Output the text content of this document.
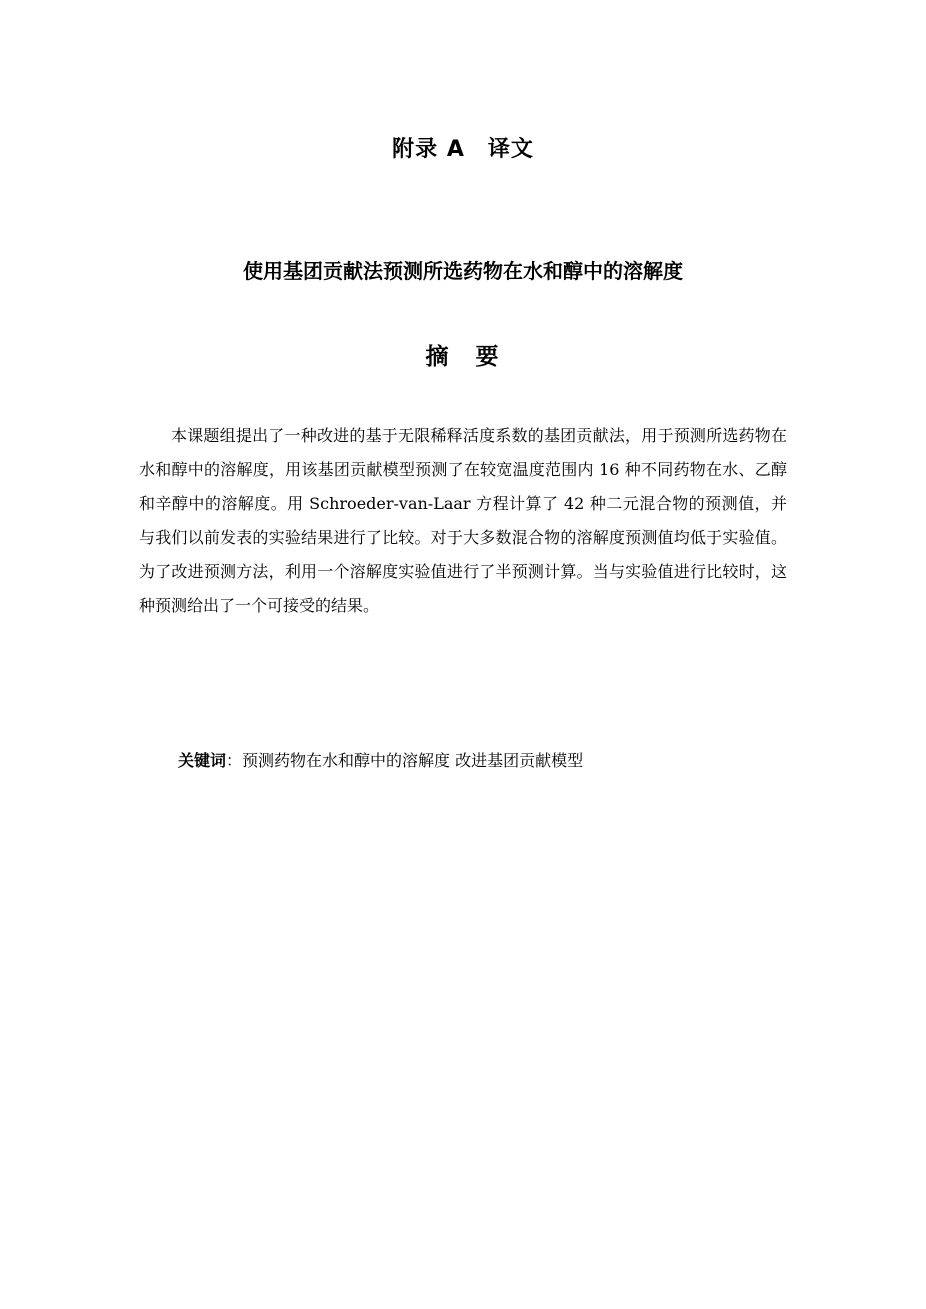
附录 A　译文
使用基团贡献法预测所选药物在水和醇中的溶解度
摘　要

本课题组提出了一种改进的基于无限稀释活度系数的基团贡献法，用于预测所选药物在水和醇中的溶解度，用该基团贡献模型预测了在较宽温度范围内 16 种不同药物在水、乙醇和辛醇中的溶解度。用 Schroeder-van-Laar 方程计算了 42 种二元混合物的预测值，并与我们以前发表的实验结果进行了比较。对于大多数混合物的溶解度预测值均低于实验值。为了改进预测方法，利用一个溶解度实验值进行了半预测计算。当与实验值进行比较时，这种预测给出了一个可接受的结果。

关键词：预测药物在水和醇中的溶解度 改进基团贡献模型
